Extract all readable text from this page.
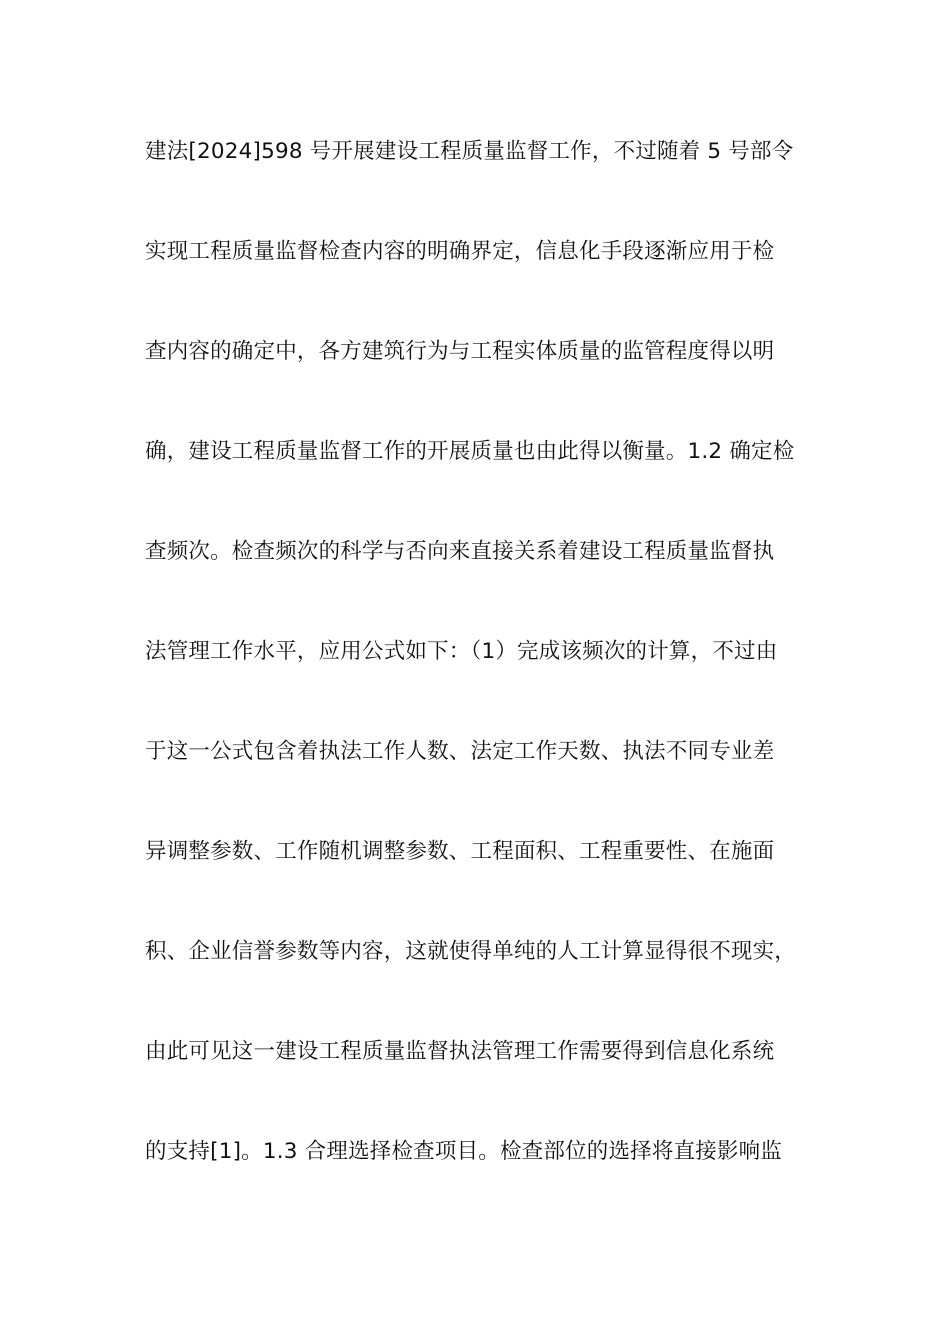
建法[2024]598 号开展建设工程质量监督工作，不过随着 5 号部令
实现工程质量监督检查内容的明确界定，信息化手段逐渐应用于检
查内容的确定中，各方建筑行为与工程实体质量的监管程度得以明
确，建设工程质量监督工作的开展质量也由此得以衡量。1.2 确定检
查频次。检查频次的科学与否向来直接关系着建设工程质量监督执
法管理工作水平，应用公式如下：（1）完成该频次的计算，不过由
于这一公式包含着执法工作人数、法定工作天数、执法不同专业差
异调整参数、工作随机调整参数、工程面积、工程重要性、在施面
积、企业信誉参数等内容，这就使得单纯的人工计算显得很不现实，
由此可见这一建设工程质量监督执法管理工作需要得到信息化系统
的支持[1]。1.3 合理选择检查项目。检查部位的选择将直接影响监
